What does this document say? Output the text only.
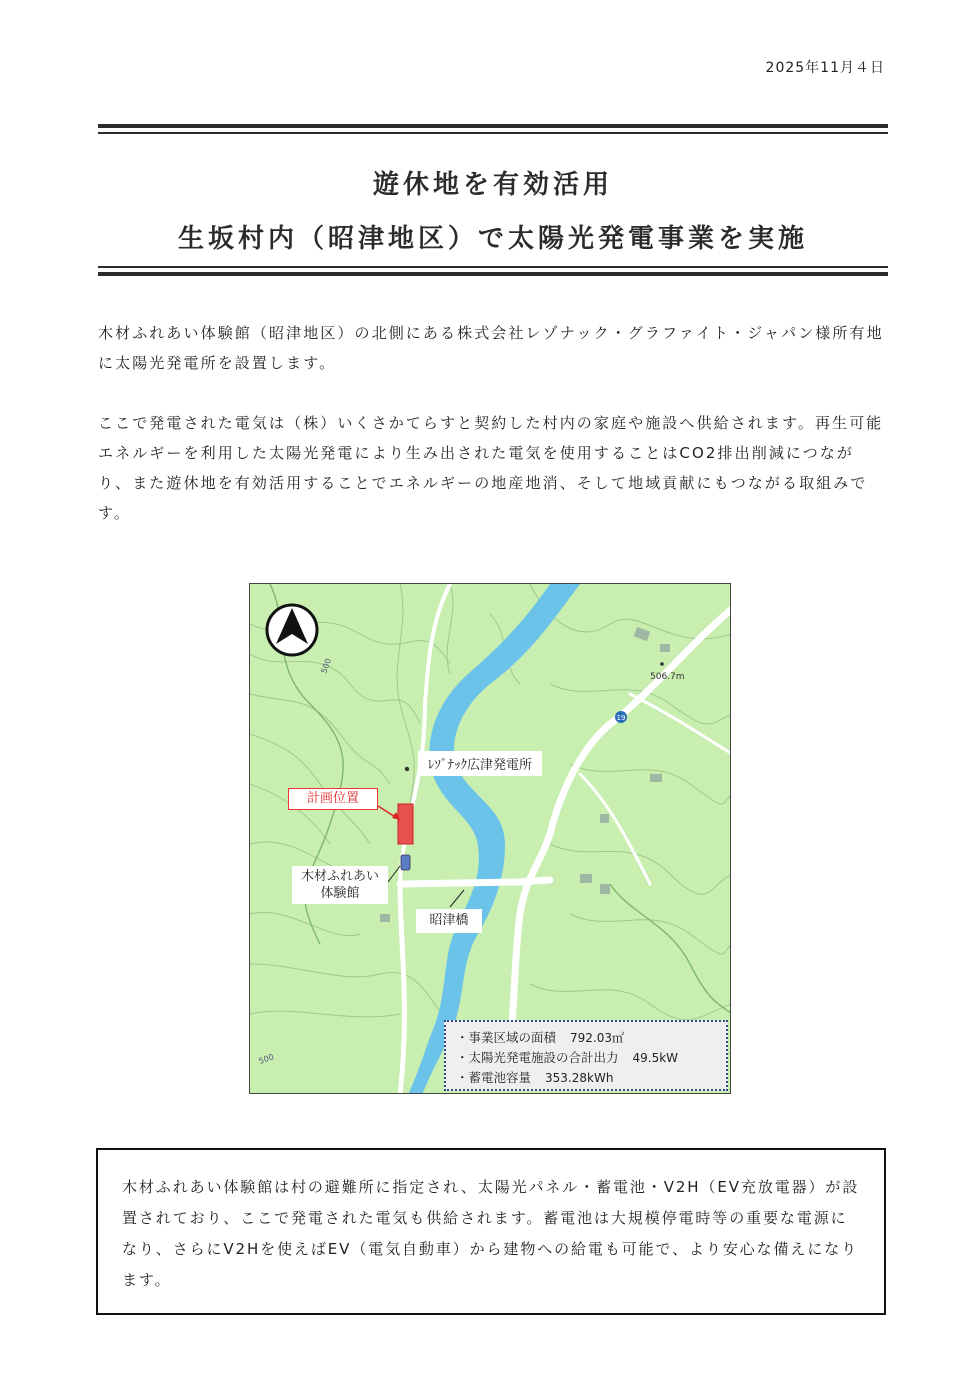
2025年11月４日
遊休地を有効活用
生坂村内（昭津地区）で太陽光発電事業を実施

木材ふれあい体験館（昭津地区）の北側にある株式会社レゾナック・グラファイト・ジャパン様所有地に太陽光発電所を設置します。

ここで発電された電気は（株）いくさかてらすと契約した村内の家庭や施設へ供給されます。再生可能エネルギーを利用した太陽光発電により生み出された電気を使用することはCO2排出削減につながり、また遊休地を有効活用することでエネルギーの地産地消、そして地域貢献にもつながる取組みです。

19
506.7m
500
500
ﾚｿﾞﾅｯｸ広津発電所
計画位置
木材ふれあい
体験館
昭津橋
・事業区域の面積 792.03㎡
・太陽光発電施設の合計出力 49.5kW
・蓄電池容量 353.28kWh

木材ふれあい体験館は村の避難所に指定され、太陽光パネル・蓄電池・V2H（EV充放電器）が設置されており、ここで発電された電気も供給されます。蓄電池は大規模停電時等の重要な電源になり、さらにV2Hを使えばEV（電気自動車）から建物への給電も可能で、より安心な備えになります。
